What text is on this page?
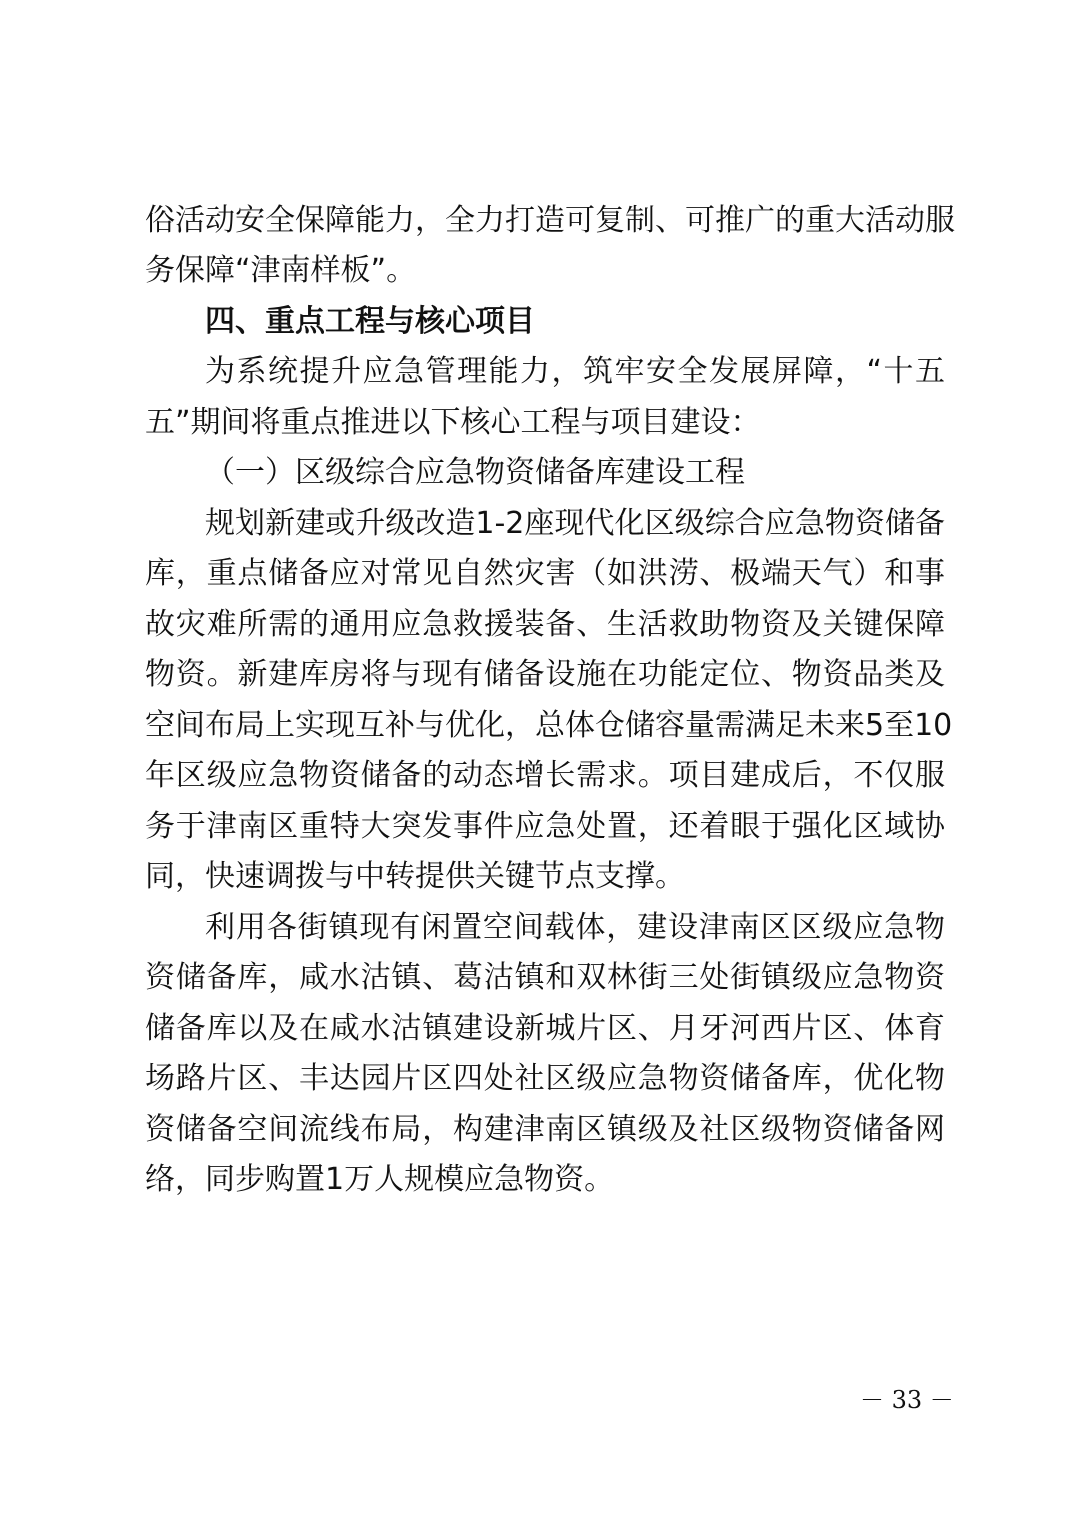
俗活动安全保障能力，全力打造可复制、可推广的重大活动服
务保障“津南样板”。
四、重点工程与核心项目
为系统提升应急管理能力，筑牢安全发展屏障，“十五
五”期间将重点推进以下核心工程与项目建设：
（一）区级综合应急物资储备库建设工程
规划新建或升级改造1-2座现代化区级综合应急物资储备
库，重点储备应对常见自然灾害（如洪涝、极端天气）和事
故灾难所需的通用应急救援装备、生活救助物资及关键保障
物资。新建库房将与现有储备设施在功能定位、物资品类及
空间布局上实现互补与优化，总体仓储容量需满足未来5至10
年区级应急物资储备的动态增长需求。项目建成后，不仅服
务于津南区重特大突发事件应急处置，还着眼于强化区域协
同，快速调拨与中转提供关键节点支撑。
利用各街镇现有闲置空间载体，建设津南区区级应急物
资储备库，咸水沽镇、葛沽镇和双林街三处街镇级应急物资
储备库以及在咸水沽镇建设新城片区、月牙河西片区、体育
场路片区、丰达园片区四处社区级应急物资储备库，优化物
资储备空间流线布局，构建津南区镇级及社区级物资储备网
络，同步购置1万人规模应急物资。
－ 33 －
